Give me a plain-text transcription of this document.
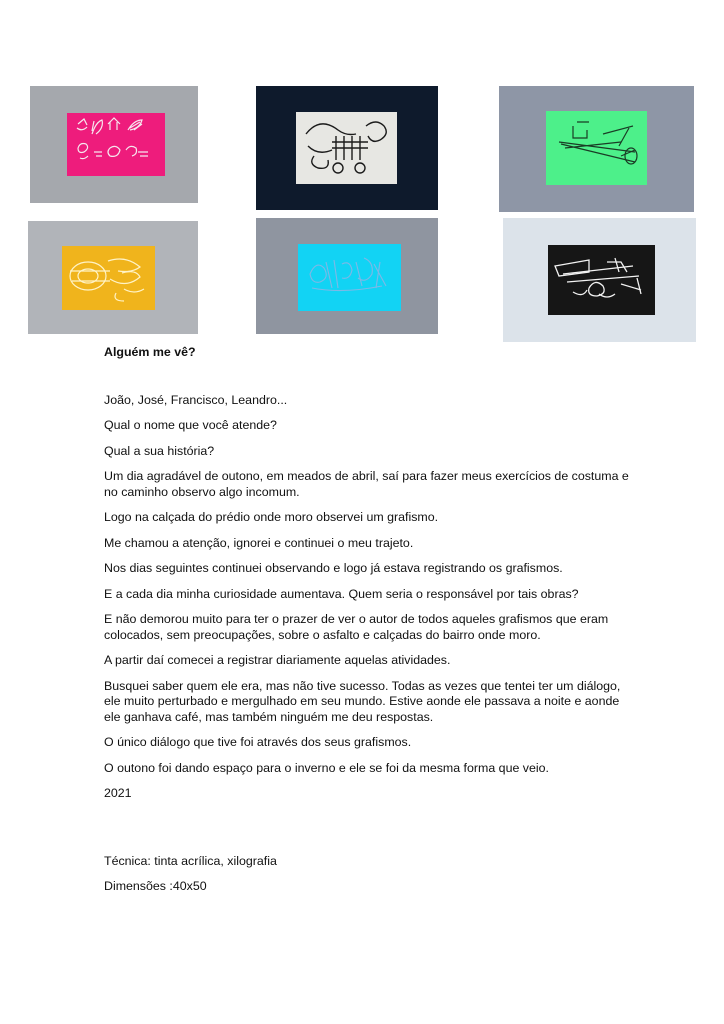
Alguém me vê?

João, José, Francisco, Leandro...

Qual o nome que você atende?

Qual a sua história?

Um dia agradável de outono, em meados de abril, saí para fazer meus exercícios de costuma e no caminho observo algo incomum.

Logo na calçada do prédio onde moro observei um grafismo.

Me chamou a atenção, ignorei e continuei o meu trajeto.

Nos dias seguintes continuei observando e logo já estava registrando os grafismos.

E a cada dia minha curiosidade aumentava. Quem seria o responsável por tais obras?

E não demorou muito para ter o prazer de ver o autor de todos aqueles grafismos que eram colocados, sem preocupações, sobre o asfalto e calçadas do bairro onde moro.

A partir daí comecei a registrar diariamente aquelas atividades.

Busquei saber quem ele era, mas não tive sucesso. Todas as vezes que tentei ter um diálogo, ele muito perturbado e mergulhado em seu mundo. Estive aonde ele passava a noite e aonde ele ganhava café, mas também ninguém me deu respostas.

O único diálogo que tive foi através dos seus grafismos.

O outono foi dando espaço para o inverno e ele se foi da mesma forma que veio.

2021

Técnica: tinta acrílica, xilografia

Dimensões :40x50
